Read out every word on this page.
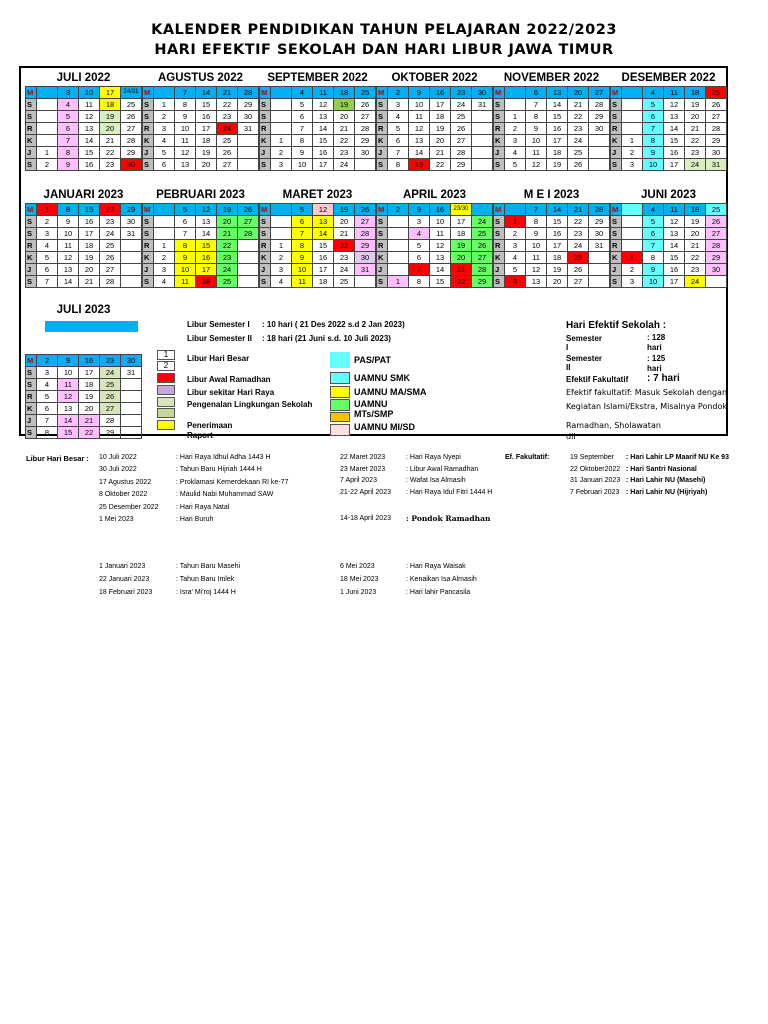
KALENDER PENDIDIKAN TAHUN PELAJARAN 2022/2023
HARI EFEKTIF SEKOLAH DAN HARI LIBUR JAWA TIMUR
JULI 2022
M		3	10	17	24/31
S		4	11	18	25
S		5	12	19	26
R		6	13	20	27
K		7	14	21	28
J	1	8	15	22	29
S	2	9	16	23	30
AGUSTUS 2022
M		7	14	21	28
S	1	8	15	22	29
S	2	9	16	23	30
R	3	10	17	24	31
K	4	11	18	25	
J	5	12	19	26	
S	6	13	20	27	
SEPTEMBER 2022
M		4	11	18	25
S		5	12	19	26
S		6	13	20	27
R		7	14	21	28
K	1	8	15	22	29
J	2	9	16	23	30
S	3	10	17	24	
OKTOBER 2022
M	2	9	16	23	30
S	3	10	17	24	31
S	4	11	18	25	
R	5	12	19	26	
K	6	13	20	27	
J	7	14	21	28	
S	8	15	22	29	
NOVEMBER 2022
M		6	13	20	27
S		7	14	21	28
S	1	8	15	22	29
R	2	9	16	23	30
K	3	10	17	24	
J	4	11	18	25	
S	5	12	19	26	
DESEMBER 2022
M		4	11	18	25
S		5	12	19	26
S		6	13	20	27
R		7	14	21	28
K	1	8	15	22	29
J	2	9	16	23	30
S	3	10	17	24	31
JANUARI 2023
M	1	8	15	22	29
S	2	9	16	23	30
S	3	10	17	24	31
R	4	11	18	25	
K	5	12	19	26	
J	6	13	20	27	
S	7	14	21	28	
PEBRUARI 2023
M		5	12	19	26
S		6	13	20	27
S		7	14	21	28
R	1	8	15	22	
K	2	9	16	23	
J	3	10	17	24	
S	4	11	18	25	
MARET 2023
M		5	12	19	26
S		6	13	20	27
S		7	14	21	28
R	1	8	15	22	29
K	2	9	16	23	30
J	3	10	17	24	31
S	4	11	18	25	
APRIL 2023
M	2	9	16	23/30	
S		3	10	17	24
S		4	11	18	25
R		5	12	19	26
K		6	13	20	27
J		7	14	21	28
S	1	8	15	22	29
M E I 2023
M		7	14	21	28
S	1	8	15	22	29
S	2	9	16	23	30
R	3	10	17	24	31
K	4	11	18	25	
J	5	12	19	26	
S	6	13	20	27	
JUNI 2023
M		4	11	18	25
S		5	12	19	26
S		6	13	20	27
R		7	14	21	28
K	1	8	15	22	29
J	2	9	16	23	30
S	3	10	17	24	
JULI 2023
M	2	9	16	23	30
S	3	10	17	24	31
S	4	11	18	25	
R	5	12	19	26	
K	6	13	20	27	
J	7	14	21	28	
S	8	15	22	29	
Libur Semester I : 10 hari ( 21 Des 2022 s.d 2 Jan 2023)
Libur Semester II : 18 hari (21 Juni s.d. 10 Juli 2023)
1
2
Libur Hari Besar
Libur Awal Ramadhan
Libur sekitar Hari Raya
Pengenalan Lingkungan Sekolah
Penerimaan
Raport
PAS/PAT
UAMNU SMK
UAMNU MA/SMA
UAMNU
MTs/SMP
UAMNU MI/SD
Hari Efektif Sekolah :
Semester
I
: 128
hari
Semester
II
: 125
hari
Efektif Fakultatif : 7 hari
Efektif fakultatif: Masuk Sekolah dengan
Kegiatan Islami/Ekstra, Misalnya Pondok
Ramadhan, Sholawatan
dll
Libur Hari Besar : 10 Juli 2022	: Hari Raya Idhul Adha 1443 H
30 Juli 2022	: Tahun Baru Hijriah 1444 H
17 Agustus 2022	: Proklamasi Kemerdekaan RI ke-77
8 Oktober 2022	: Maulid Nabi Muhammad SAW
25 Desember 2022 : Hari Raya Natal
1 Mei 2023	: Hari Buruh
22 Maret 2023	: Hari Raya Nyepi
23 Maret 2023	: Libur Awal Ramadhan
7 April 2023	: Wafat Isa Almasih
21-22 April 2023 : Hari Raya Idul Fitri 1444 H
14-18 April 2023 : Pondok Ramadhan
Ef. Fakultatif:	19 September : Hari Lahir LP Maarif NU Ke 93
22 Oktober2022 : Hari Santri Nasional
31 Januari 2023 : Hari Lahir NU (Masehi)
7 Februari 2023 : Hari Lahir NU (Hijriyah)
1 Januari 2023	: Tahun Baru Masehi
22 Januari 2023	: Tahun Baru Imlek
18 Februari 2023	: Isra' Mi'roj 1444 H
6 Mei 2023	: Hari Raya Waisak
18 Mei 2023	: Kenaikan Isa Almasih
1 Juni 2023	: Hari lahir Pancasila
